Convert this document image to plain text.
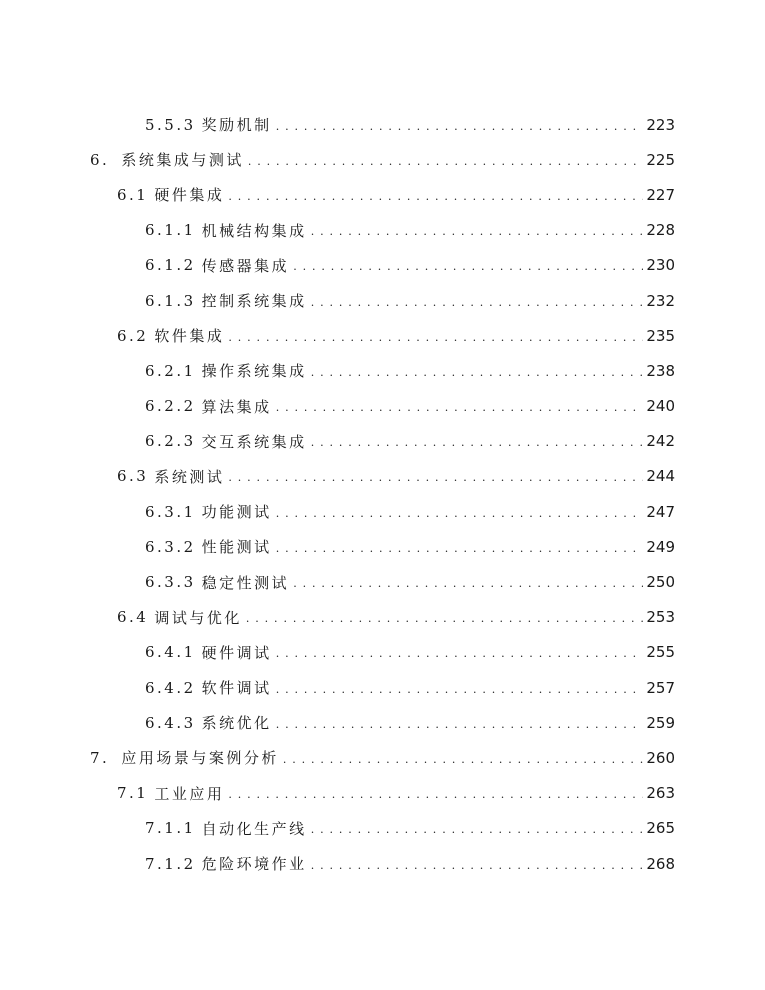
5.5.3 奖励机制 . . .	223
6. 系统集成与测试 . . .	225
6.1 硬件集成 . . .	227
6.1.1 机械结构集成 . . .	228
6.1.2 传感器集成 . . .	230
6.1.3 控制系统集成 . . .	232
6.2 软件集成 . . .	235
6.2.1 操作系统集成 . . .	238
6.2.2 算法集成 . . .	240
6.2.3 交互系统集成 . . .	242
6.3 系统测试 . . .	244
6.3.1 功能测试 . . .	247
6.3.2 性能测试 . . .	249
6.3.3 稳定性测试 . . .	250
6.4 调试与优化 . . .	253
6.4.1 硬件调试 . . .	255
6.4.2 软件调试 . . .	257
6.4.3 系统优化 . . .	259
7. 应用场景与案例分析 . . .	260
7.1 工业应用 . . .	263
7.1.1 自动化生产线 . . .	265
7.1.2 危险环境作业 . . .	268
